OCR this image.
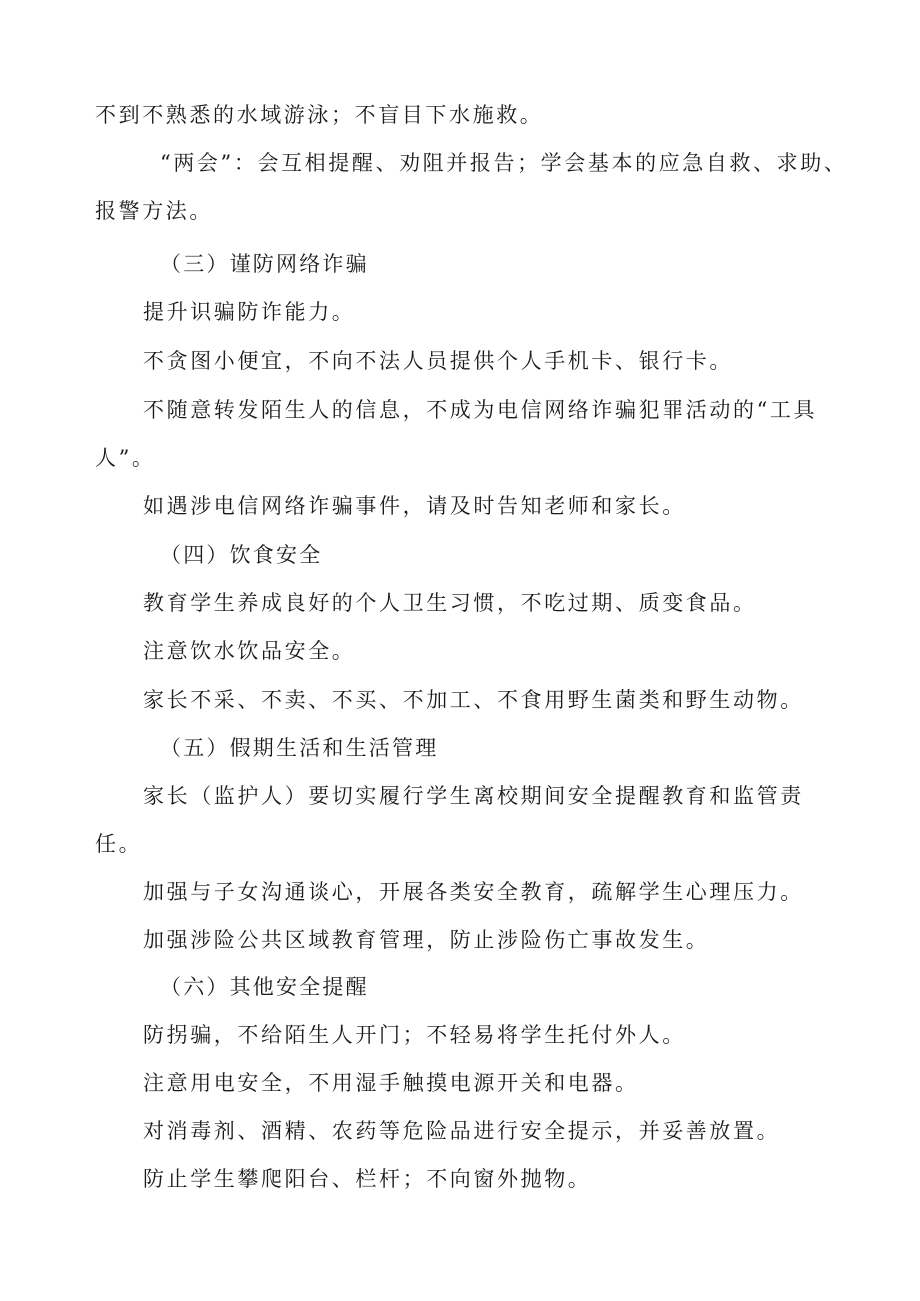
不到不熟悉的水域游泳；不盲目下水施救。
“两会”：会互相提醒、劝阻并报告；学会基本的应急自救、求助、
报警方法。
（三）谨防网络诈骗
提升识骗防诈能力。
不贪图小便宜，不向不法人员提供个人手机卡、银行卡。
不随意转发陌生人的信息，不成为电信网络诈骗犯罪活动的“工具
人”。
如遇涉电信网络诈骗事件，请及时告知老师和家长。
（四）饮食安全
教育学生养成良好的个人卫生习惯，不吃过期、质变食品。
注意饮水饮品安全。
家长不采、不卖、不买、不加工、不食用野生菌类和野生动物。
（五）假期生活和生活管理
家长（监护人）要切实履行学生离校期间安全提醒教育和监管责
任。
加强与子女沟通谈心，开展各类安全教育，疏解学生心理压力。
加强涉险公共区域教育管理，防止涉险伤亡事故发生。
（六）其他安全提醒
防拐骗，不给陌生人开门；不轻易将学生托付外人。
注意用电安全，不用湿手触摸电源开关和电器。
对消毒剂、酒精、农药等危险品进行安全提示，并妥善放置。
防止学生攀爬阳台、栏杆；不向窗外抛物。
